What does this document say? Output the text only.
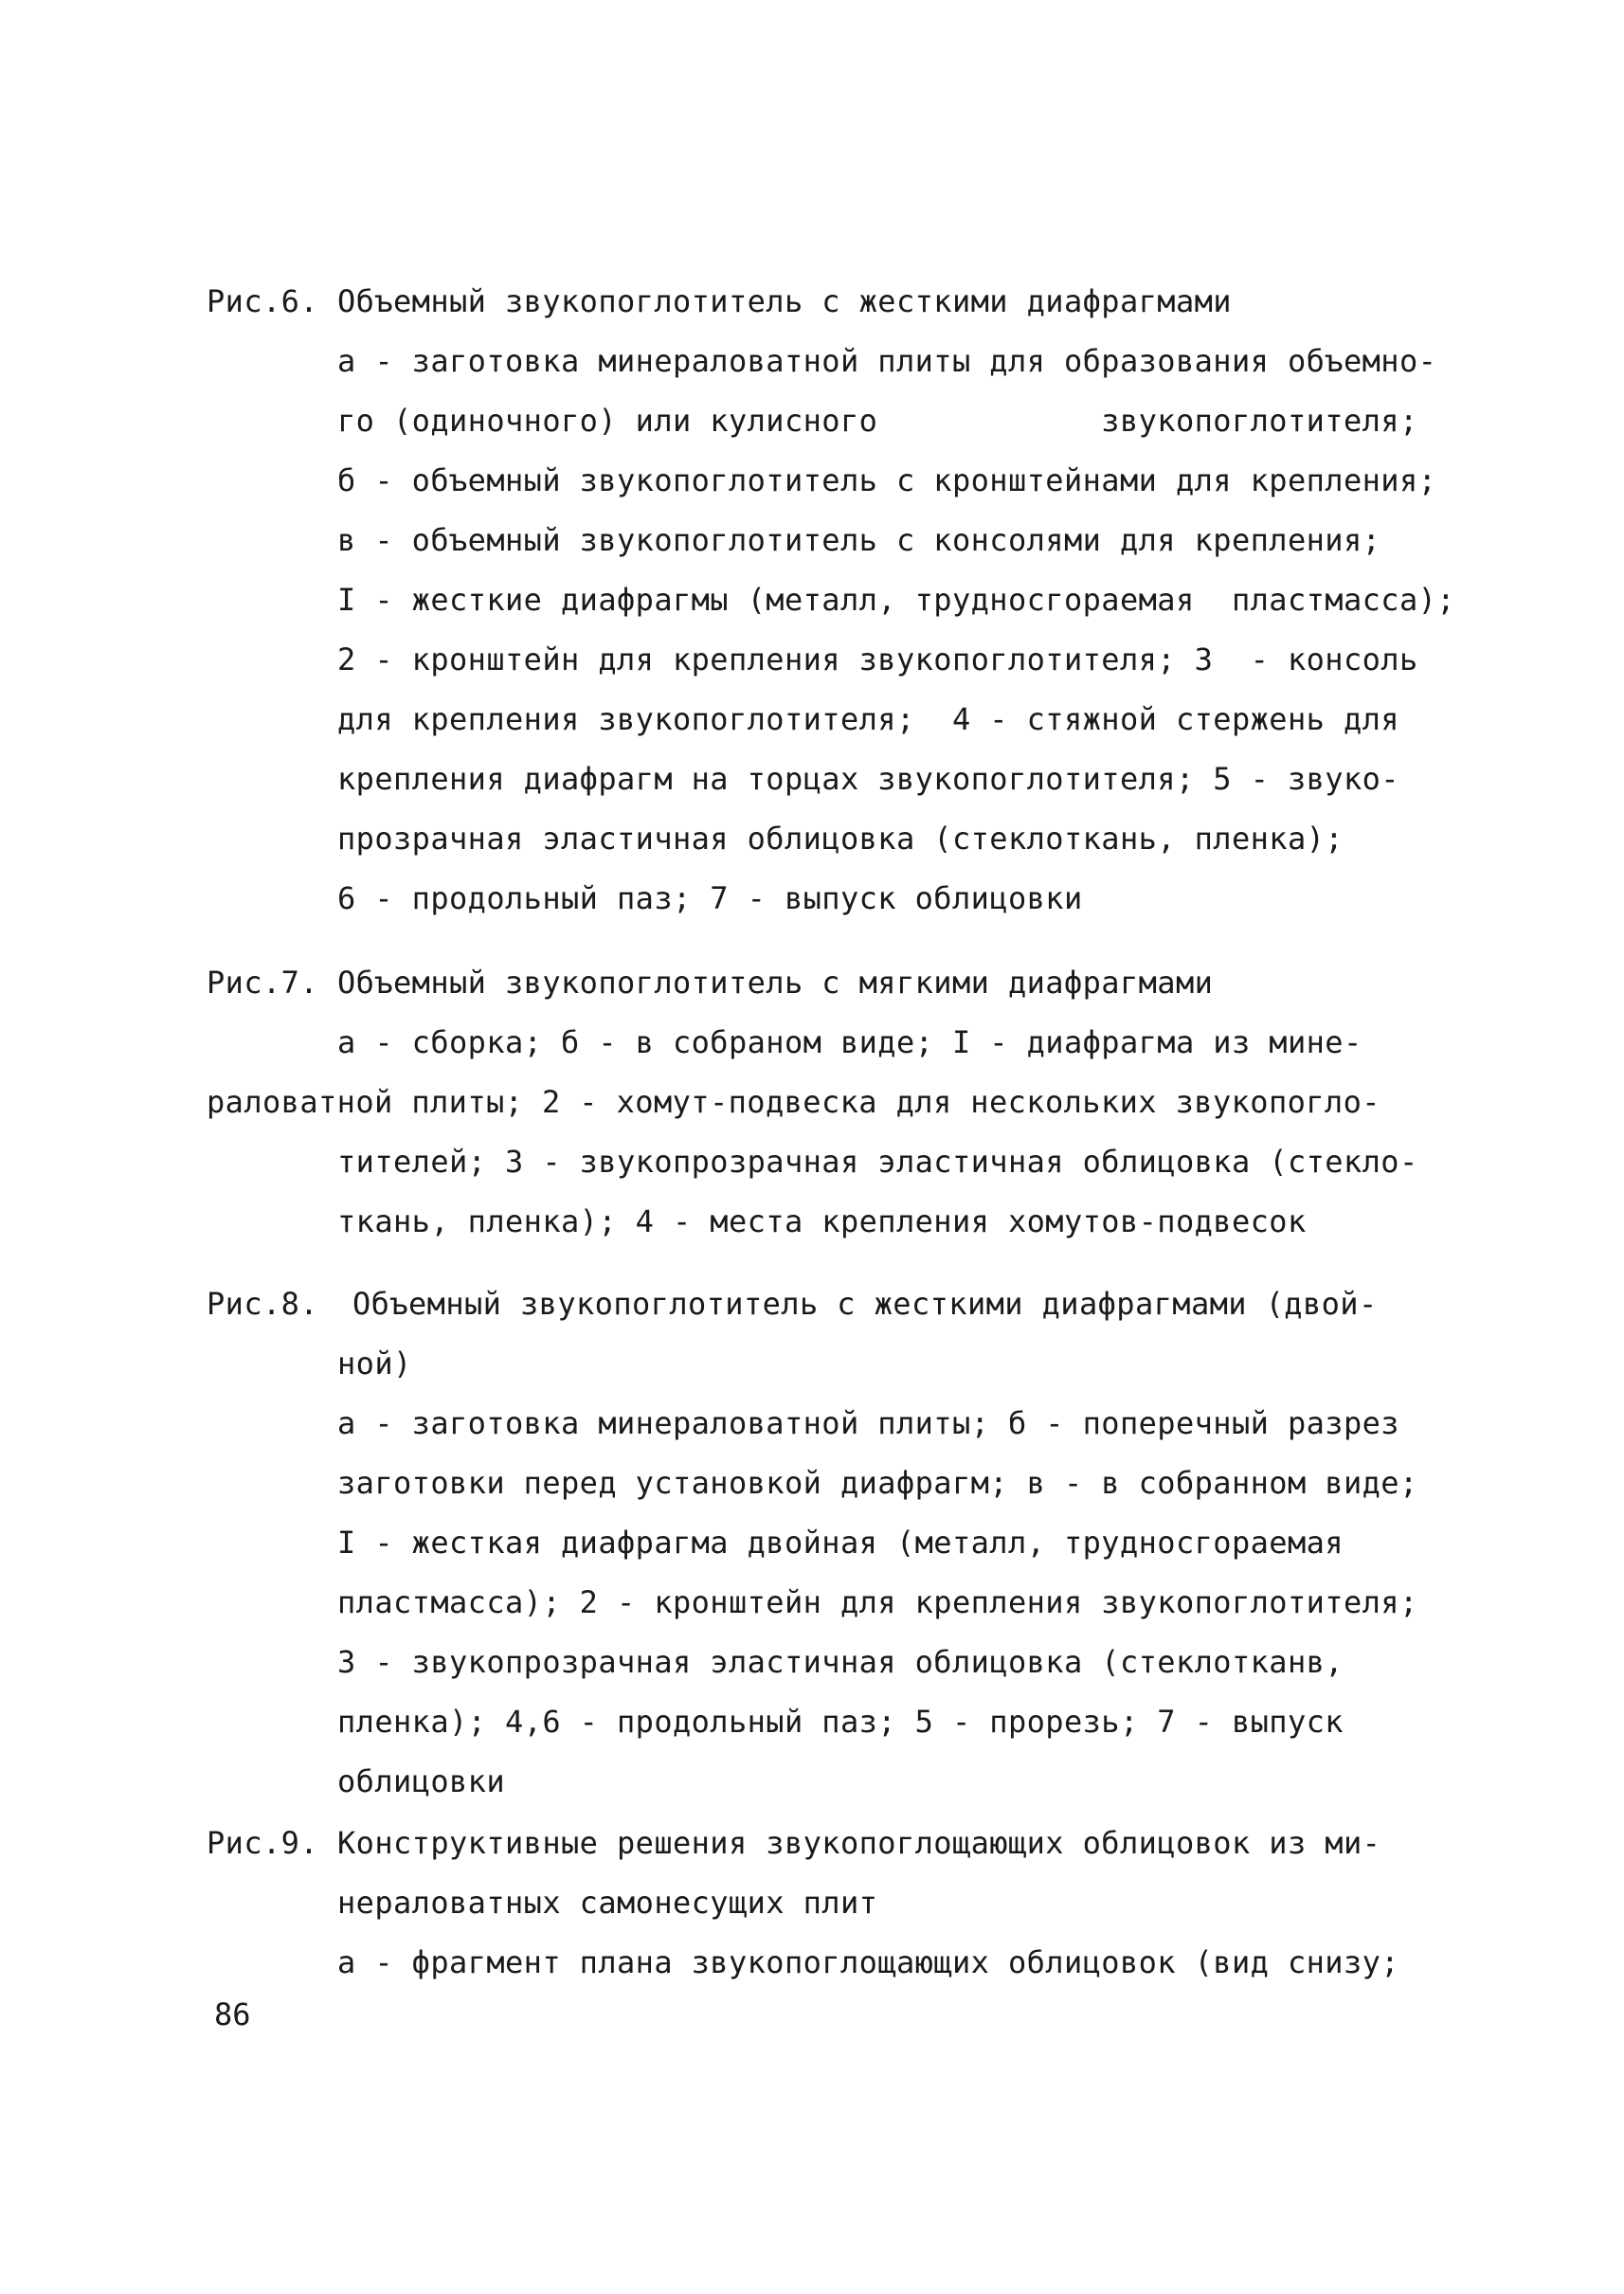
Рис.6. Объемный звукопоглотитель с жесткими диафрагмами
а - заготовка минераловатной плиты для образования объемно-
го (одиночного) или кулисного            звукопоглотителя;
б - объемный звукопоглотитель с кронштейнами для крепления;
в - объемный звукопоглотитель с консолями для крепления;
I - жесткие диафрагмы (металл, трудносгораемая  пластмасса);
2 - кронштейн для крепления звукопоглотителя; 3  - консоль
для крепления звукопоглотителя;  4 - стяжной стержень для
крепления диафрагм на торцах звукопоглотителя; 5 - звуко-
прозрачная эластичная облицовка (стеклоткань, пленка);
6 - продольный паз; 7 - выпуск облицовки
Рис.7. Объемный звукопоглотитель с мягкими диафрагмами
а - сборка; б - в собраном виде; I - диафрагма из мине-
раловатной плиты; 2 - хомут-подвеска для нескольких звукопогло-
тителей; 3 - звукопрозрачная эластичная облицовка (стекло-
ткань, пленка); 4 - места крепления хомутов-подвесок
Рис.8. Объемный звукопоглотитель с жесткими диафрагмами (двой-
ной)
а - заготовка минераловатной плиты; б - поперечный разрез
заготовки перед установкой диафрагм; в - в собранном виде;
I - жесткая диафрагма двойная (металл, трудносгораемая
пластмасса); 2 - кронштейн для крепления звукопоглотителя;
3 - звукопрозрачная эластичная облицовка (стеклотканв,
пленка); 4,6 - продольный паз; 5 - прорезь; 7 - выпуск
облицовки
Рис.9. Конструктивные решения звукопоглощающих облицовок из ми-
нераловатных самонесущих плит
а - фрагмент плана звукопоглощающих облицовок (вид снизу;
86
